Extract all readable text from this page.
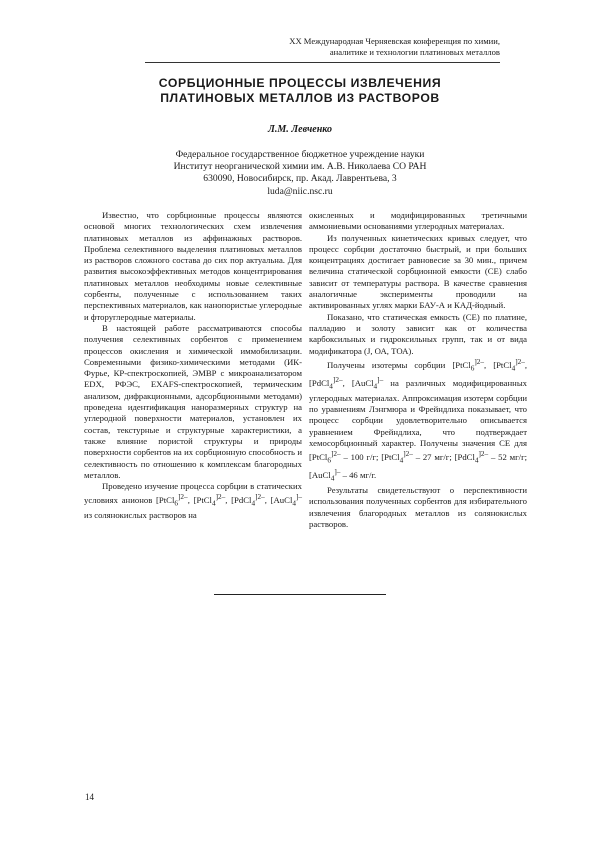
XX Международная Черняевская конференция по химии,
аналитике и технологии платиновых металлов
СОРБЦИОННЫЕ ПРОЦЕССЫ ИЗВЛЕЧЕНИЯ
ПЛАТИНОВЫХ МЕТАЛЛОВ ИЗ РАСТВОРОВ
Л.М. Левченко
Федеральное государственное бюджетное учреждение науки
Институт неорганической химии им. А.В. Николаева СО РАН
630090, Новосибирск, пр. Акад. Лаврентьева, 3
luda@niic.nsc.ru

Известно, что сорбционные процессы являются основой многих технологических схем извлечения платиновых металлов из аффинажных растворов. Проблема селективного выделения платиновых металлов из растворов сложного состава до сих пор актуальна. Для развития высокоэффективных методов концентрирования платиновых металлов необходимы новые селективные сорбенты, полученные с использованием таких перспективных материалов, как нанопористые углеродные и фторуглеродные материалы.

В настоящей работе рассматриваются способы получения селективных сорбентов с применением процессов окисления и химической иммобилизации. Современными физико-химическими методами (ИК-Фурье, КР-спектроскопией, ЭМВР с микроанализатором EDX, РФЭС, EXAFS-спектроскопией, термическим анализом, дифракционными, адсорбционными методами) проведена идентификация наноразмерных структур на углеродной поверхности материалов, установлен их состав, текстурные и структурные характеристики, а также влияние пористой структуры и природы поверхности сорбентов на их сорбционную способность и селективность по отношению к комплексам благородных металлов.

Проведено изучение процесса сорбции в статических условиях анионов [PtCl$_6^{]2-}$, [PtCl$_4^{]2-}$, [PdCl$_4^{]2-}$, [AuCl$_4$]– из солянокислых растворов на

окисленных и модифицированных третичными аммониевыми основаниями углеродных материалах.

Из полученных кинетических кривых следует, что процесс сорбции достаточно быстрый, и при больших концентрациях достигает равновесие за 30 мин., причем величина статической сорбционной емкости (СЕ) слабо зависит от температуры раствора. В качестве сравнения аналогичные эксперименты проводили на активированных углях марки БАУ-А и КАД-йодный.

Показано, что статическая емкость (СЕ) по платине, палладию и золоту зависит как от количества карбоксильных и гидроксильных групп, так и от вида модификатора (J, ОА, ТОА).

Получены изотермы сорбции [PtCl$_6^{]2-}$, [PtCl$_4^{]2-}$, [PdCl$_4^{]2-}$, [AuCl$_4$]– на различных модифицированных углеродных материалах. Аппроксимация изотерм сорбции по уравнениям Лэнгмюра и Фрейндлиха показывает, что процесс сорбции удовлетворительно описывается уравнением Фрейндлиха, что подтверждает хемосорбционный характер. Получены значения СЕ для [PtCl$_6^{]2-}$ – 100 г/г; [PtCl$_4^{]2-}$ – 27 мг/г; [PdCl$_4^{]2-}$ – 52 мг/г; [AuCl$_4$]– – 46 мг/г.

Результаты свидетельствуют о перспективности использования полученных сорбентов для избирательного извлечения благородных металлов из солянокислых растворов.

14
